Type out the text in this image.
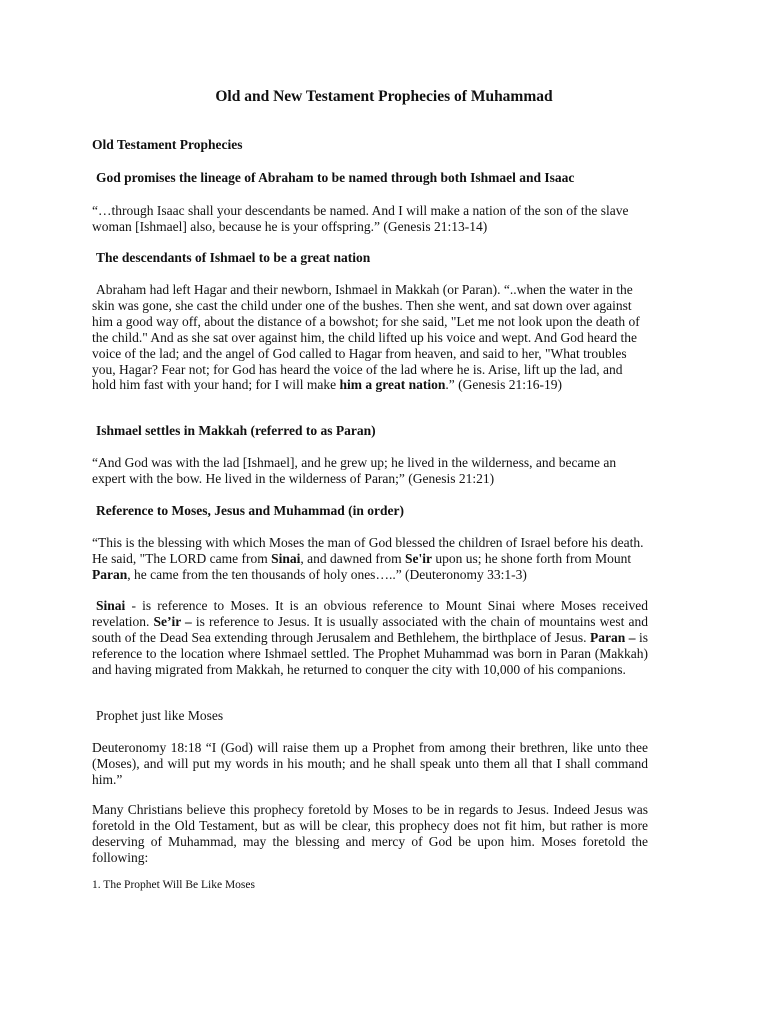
Old and New Testament Prophecies of Muhammad
Old Testament Prophecies
God promises the lineage of Abraham to be named through both Ishmael and Isaac
“…through Isaac shall your descendants be named. And I will make a nation of the son of the slave woman [Ishmael] also, because he is your offspring.” (Genesis 21:13-14)
The descendants of Ishmael to be a great nation
Abraham had left Hagar and their newborn, Ishmael in Makkah (or Paran). “..when the water in the skin was gone, she cast the child under one of the bushes. Then she went, and sat down over against him a good way off, about the distance of a bowshot; for she said, "Let me not look upon the death of the child." And as she sat over against him, the child lifted up his voice and wept. And God heard the voice of the lad; and the angel of God called to Hagar from heaven, and said to her, "What troubles you, Hagar? Fear not; for God has heard the voice of the lad where he is. Arise, lift up the lad, and hold him fast with your hand; for I will make him a great nation.” (Genesis 21:16-19)
Ishmael settles in Makkah (referred to as Paran)
“And God was with the lad [Ishmael], and he grew up; he lived in the wilderness, and became an expert with the bow. He lived in the wilderness of Paran;” (Genesis 21:21)
Reference to Moses, Jesus and Muhammad (in order)
“This is the blessing with which Moses the man of God blessed the children of Israel before his death. He said, "The LORD came from Sinai, and dawned from Se'ir upon us; he shone forth from Mount Paran, he came from the ten thousands of holy ones…..” (Deuteronomy 33:1-3)
Sinai - is reference to Moses. It is an obvious reference to Mount Sinai where Moses received revelation. Se’ir – is reference to Jesus. It is usually associated with the chain of mountains west and south of the Dead Sea extending through Jerusalem and Bethlehem, the birthplace of Jesus. Paran – is reference to the location where Ishmael settled. The Prophet Muhammad was born in Paran (Makkah) and having migrated from Makkah, he returned to conquer the city with 10,000 of his companions.
Prophet just like Moses
Deuteronomy 18:18 “I (God) will raise them up a Prophet from among their brethren, like unto thee (Moses), and will put my words in his mouth; and he shall speak unto them all that I shall command him.”
Many Christians believe this prophecy foretold by Moses to be in regards to Jesus. Indeed Jesus was foretold in the Old Testament, but as will be clear, this prophecy does not fit him, but rather is more deserving of Muhammad, may the blessing and mercy of God be upon him. Moses foretold the following:
1. The Prophet Will Be Like Moses
